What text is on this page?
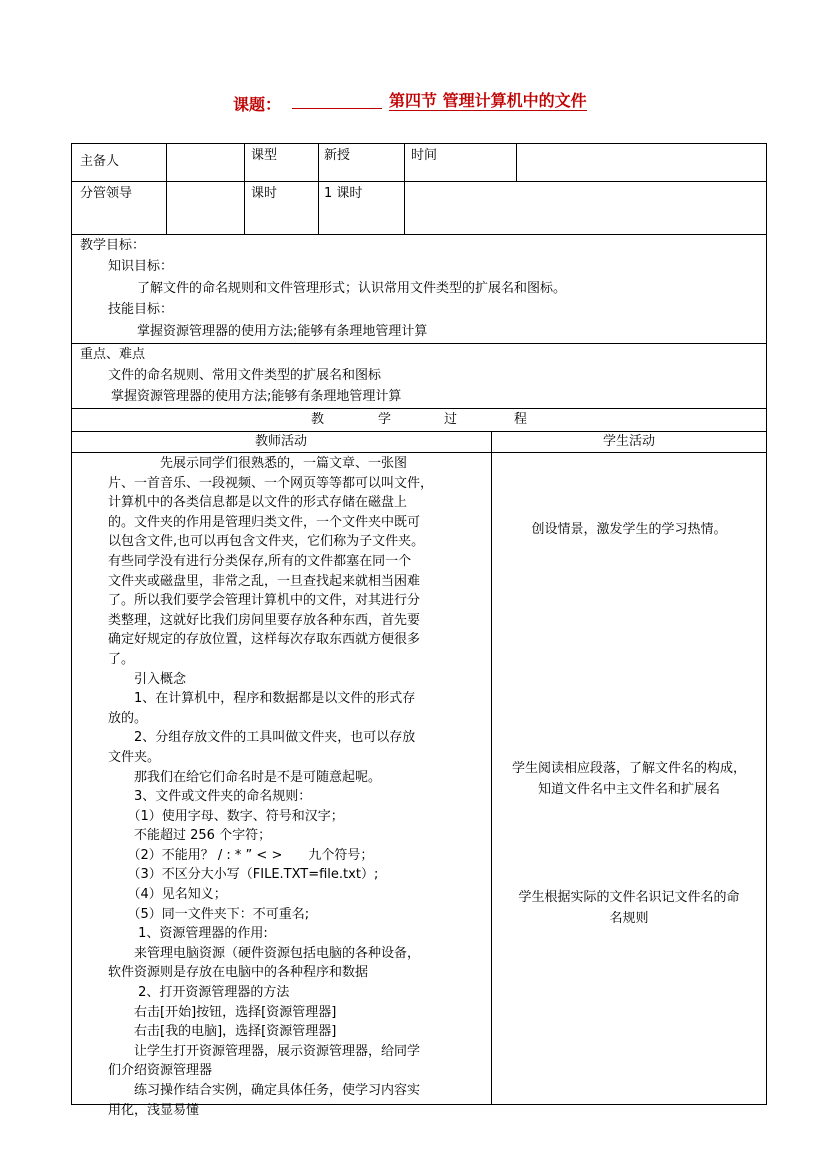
课题：	第四节 管理计算机中的文件
主备人	课型	新授	时间
分管领导	课时	1 课时
教学目标：
知识目标：
了解文件的命名规则和文件管理形式；认识常用文件类型的扩展名和图标。
技能目标：
掌握资源管理器的使用方法;能够有条理地管理计算
重点、难点
文件的命名规则、常用文件类型的扩展名和图标
掌握资源管理器的使用方法;能够有条理地管理计算
教	学	过	程
教师活动	学生活动

　　　　先展示同学们很熟悉的，一篇文章、一张图

片、一首音乐、一段视频、一个网页等等都可以叫文件，

计算机中的各类信息都是以文件的形式存储在磁盘上

的。文件夹的作用是管理归类文件，一个文件夹中既可

以包含文件,也可以再包含文件夹，它们称为子文件夹。

有些同学没有进行分类保存,所有的文件都塞在同一个

文件夹或磁盘里，非常之乱，一旦查找起来就相当困难

了。所以我们要学会管理计算机中的文件，对其进行分

类整理，这就好比我们房间里要存放各种东西，首先要

确定好规定的存放位置，这样每次存取东西就方便很多

了。

　　引入概念

　　1、在计算机中，程序和数据都是以文件的形式存

放的。

　　2、分组存放文件的工具叫做文件夹，也可以存放

文件夹。

　　那我们在给它们命名时是不是可随意起呢。

　　3、文件或文件夹的命名规则：

　　（1）使用字母、数字、符号和汉字；

　　不能超过 256 个字符；

　　（2）不能用？ / : * ” < >　　九个符号；

　　（3）不区分大小写（FILE.TXT=file.txt）;

　　（4）见名知义；

　　（5）同一文件夹下：不可重名;

　　 1、资源管理器的作用:

　　来管理电脑资源（硬件资源包括电脑的各种设备，

软件资源则是存放在电脑中的各种程序和数据

　　 2、打开资源管理器的方法

　　右击[开始]按钮，选择[资源管理器]

　　右击[我的电脑]，选择[资源管理器]

　　让学生打开资源管理器，展示资源管理器，给同学

们介绍资源管理器

　　练习操作结合实例，确定具体任务，使学习内容实

用化，浅显易懂

创设情景，激发学生的学习热情。
学生阅读相应段落，了解文件名的构成，
知道文件名中主文件名和扩展名
学生根据实际的文件名识记文件名的命
名规则
